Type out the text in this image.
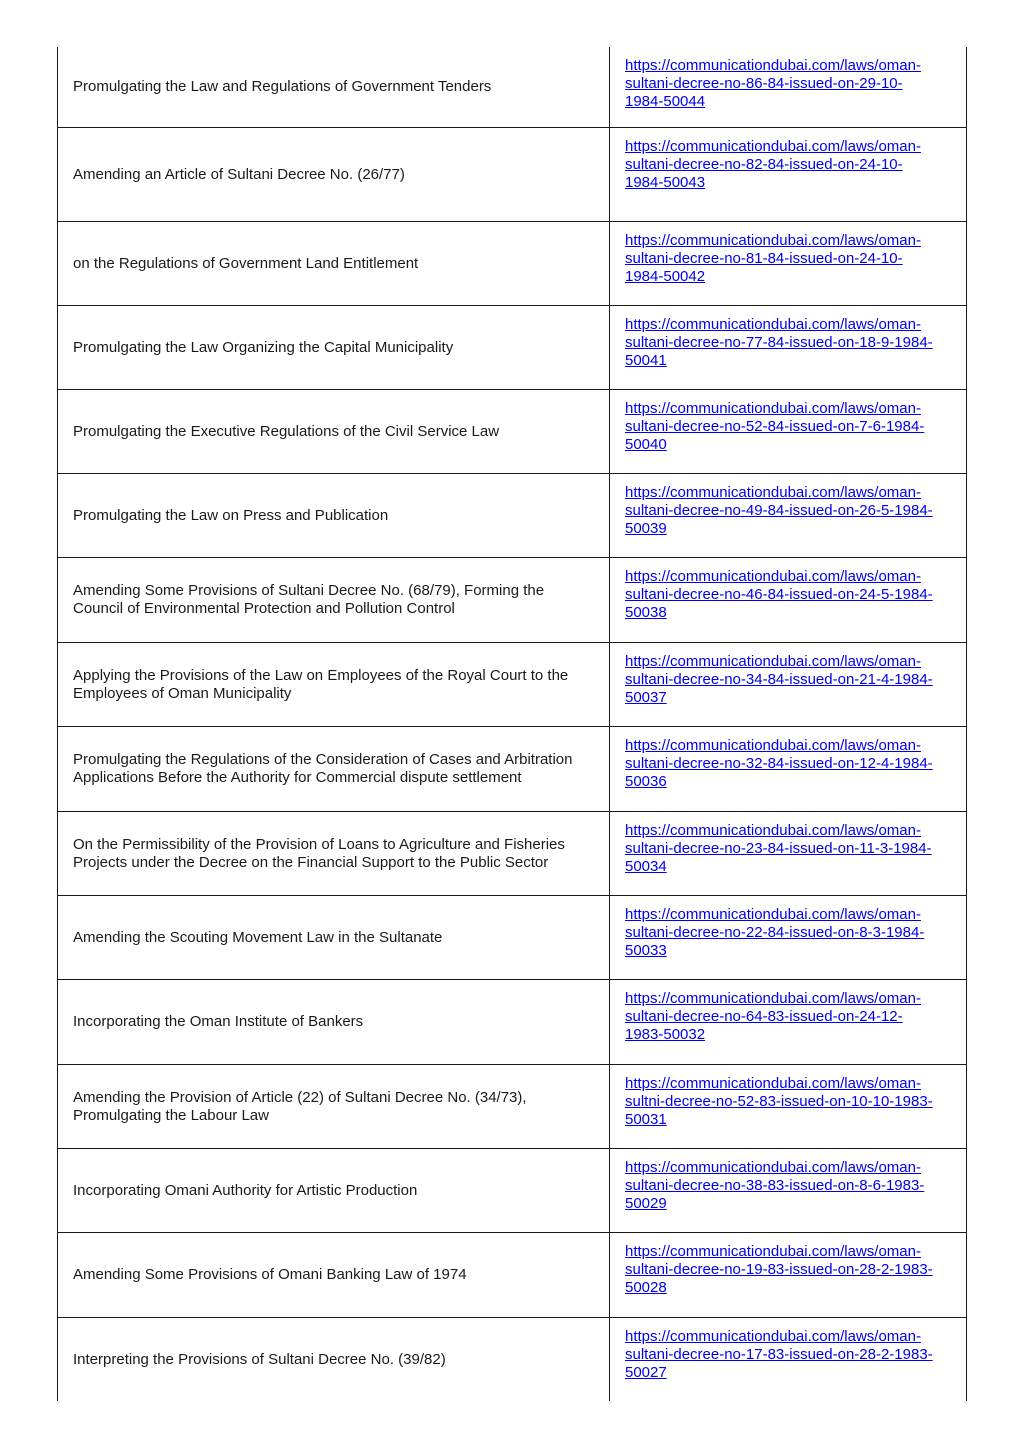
Promulgating the Law and Regulations of Government Tenders
https://communicationdubai.com/laws/oman-
sultani-decree-no-86-84-issued-on-29-10-
1984-50044
Amending an Article of Sultani Decree No. (26/77)
https://communicationdubai.com/laws/oman-
sultani-decree-no-82-84-issued-on-24-10-
1984-50043
on the Regulations of Government Land Entitlement
https://communicationdubai.com/laws/oman-
sultani-decree-no-81-84-issued-on-24-10-
1984-50042
Promulgating the Law Organizing the Capital Municipality
https://communicationdubai.com/laws/oman-
sultani-decree-no-77-84-issued-on-18-9-1984-
50041
Promulgating the Executive Regulations of the Civil Service Law
https://communicationdubai.com/laws/oman-
sultani-decree-no-52-84-issued-on-7-6-1984-
50040
Promulgating the Law on Press and Publication
https://communicationdubai.com/laws/oman-
sultani-decree-no-49-84-issued-on-26-5-1984-
50039
Amending Some Provisions of Sultani Decree No. (68/79), Forming the Council of Environmental Protection and Pollution Control
https://communicationdubai.com/laws/oman-
sultani-decree-no-46-84-issued-on-24-5-1984-
50038
Applying the Provisions of the Law on Employees of the Royal Court to the Employees of Oman Municipality
https://communicationdubai.com/laws/oman-
sultani-decree-no-34-84-issued-on-21-4-1984-
50037
Promulgating the Regulations of the Consideration of Cases and Arbitration Applications Before the Authority for Commercial dispute settlement
https://communicationdubai.com/laws/oman-
sultani-decree-no-32-84-issued-on-12-4-1984-
50036
On the Permissibility of the Provision of Loans to Agriculture and Fisheries Projects under the Decree on the Financial Support to the Public Sector
https://communicationdubai.com/laws/oman-
sultani-decree-no-23-84-issued-on-11-3-1984-
50034
Amending the Scouting Movement Law in the Sultanate
https://communicationdubai.com/laws/oman-
sultani-decree-no-22-84-issued-on-8-3-1984-
50033
Incorporating the Oman Institute of Bankers
https://communicationdubai.com/laws/oman-
sultani-decree-no-64-83-issued-on-24-12-
1983-50032
Amending the Provision of Article (22) of Sultani Decree No. (34/73), Promulgating the Labour Law
https://communicationdubai.com/laws/oman-
sultni-decree-no-52-83-issued-on-10-10-1983-
50031
Incorporating Omani Authority for Artistic Production
https://communicationdubai.com/laws/oman-
sultani-decree-no-38-83-issued-on-8-6-1983-
50029
Amending Some Provisions of Omani Banking Law of 1974
https://communicationdubai.com/laws/oman-
sultani-decree-no-19-83-issued-on-28-2-1983-
50028
Interpreting the Provisions of Sultani Decree No. (39/82)
https://communicationdubai.com/laws/oman-
sultani-decree-no-17-83-issued-on-28-2-1983-
50027
